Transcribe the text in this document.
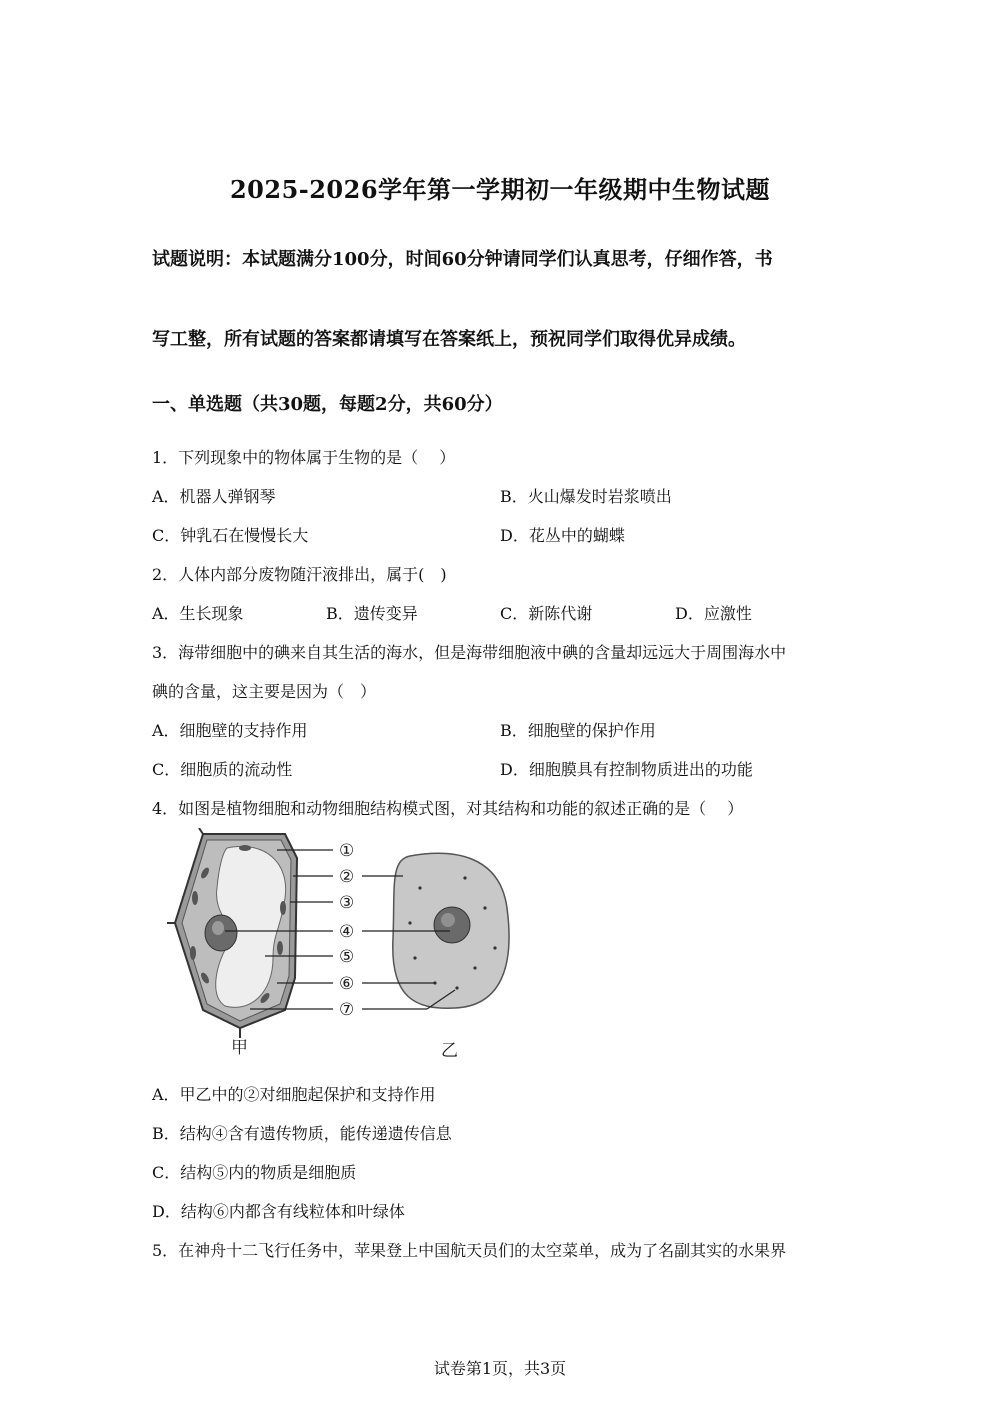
2025-2026学年第一学期初一年级期中生物试题
试题说明：本试题满分100分，时间60分钟请同学们认真思考，仔细作答，书
写工整，所有试题的答案都请填写在答案纸上，预祝同学们取得优异成绩。
一、单选题（共30题，每题2分，共60分）
1．下列现象中的物体属于生物的是（　 ）
A．机器人弹钢琴	B．火山爆发时岩浆喷出
C．钟乳石在慢慢长大	D．花丛中的蝴蝶
2．人体内部分废物随汗液排出，属于(　)
A．生长现象	B．遗传变异	C．新陈代谢	D．应激性
3．海带细胞中的碘来自其生活的海水，但是海带细胞液中碘的含量却远远大于周围海水中
碘的含量，这主要是因为（　）
A．细胞壁的支持作用	B．细胞壁的保护作用
C．细胞质的流动性	D．细胞膜具有控制物质进出的功能
4．如图是植物细胞和动物细胞结构模式图，对其结构和功能的叙述正确的是（　 ）
①
②
③
④
⑤
⑥
⑦
甲	乙
A．甲乙中的②对细胞起保护和支持作用
B．结构④含有遗传物质，能传递遗传信息
C．结构⑤内的物质是细胞质
D．结构⑥内都含有线粒体和叶绿体
5．在神舟十二飞行任务中，苹果登上中国航天员们的太空菜单，成为了名副其实的水果界
试卷第1页，共3页
